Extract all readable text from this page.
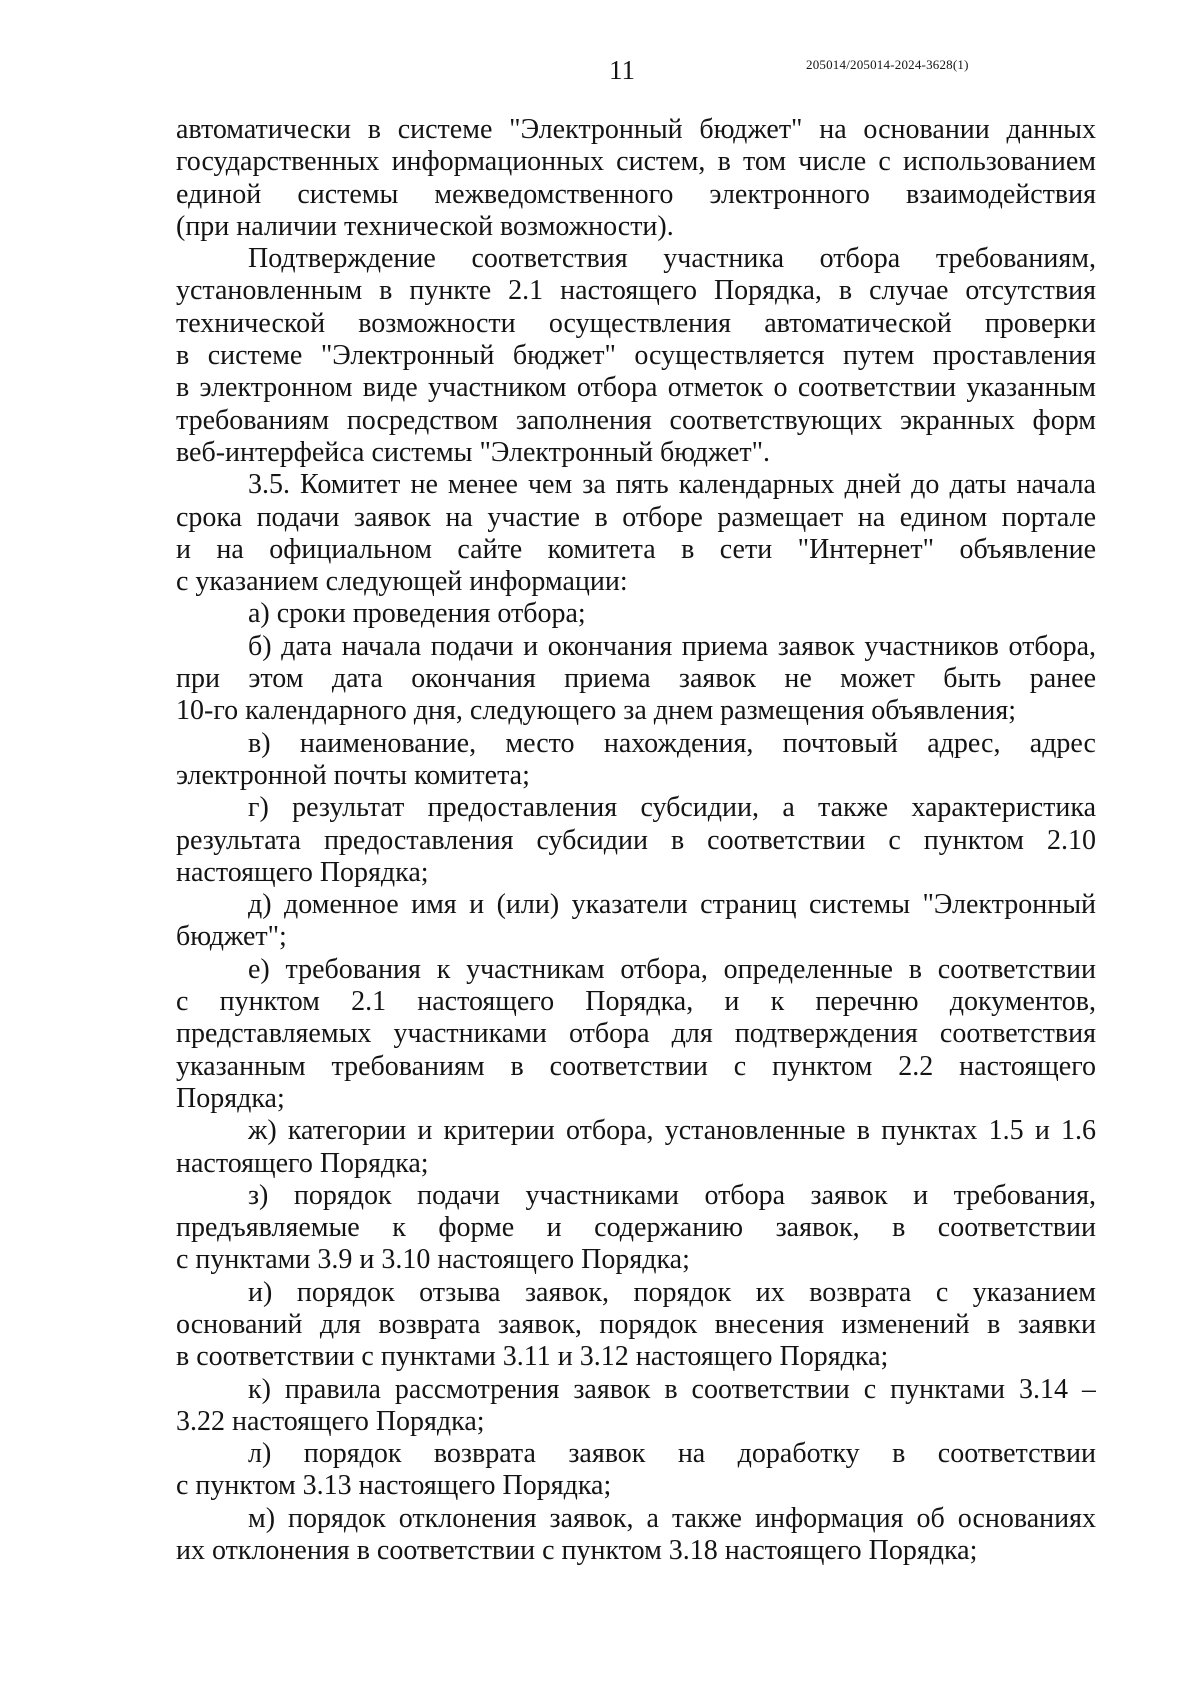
11	205014/205014-2024-3628(1)
автоматически в системе "Электронный бюджет" на основании данных
государственных информационных систем, в том числе с использованием
единой системы межведомственного электронного взаимодействия
(при наличии технической возможности).
Подтверждение соответствия участника отбора требованиям,
установленным в пункте 2.1 настоящего Порядка, в случае отсутствия
технической возможности осуществления автоматической проверки
в системе "Электронный бюджет" осуществляется путем проставления
в электронном виде участником отбора отметок о соответствии указанным
требованиям посредством заполнения соответствующих экранных форм
веб-интерфейса системы "Электронный бюджет".
3.5. Комитет не менее чем за пять календарных дней до даты начала
срока подачи заявок на участие в отборе размещает на едином портале
и на официальном сайте комитета в сети "Интернет" объявление
с указанием следующей информации:
а) сроки проведения отбора;
б) дата начала подачи и окончания приема заявок участников отбора,
при этом дата окончания приема заявок не может быть ранее
10-го календарного дня, следующего за днем размещения объявления;
в) наименование, место нахождения, почтовый адрес, адрес
электронной почты комитета;
г) результат предоставления субсидии, а также характеристика
результата предоставления субсидии в соответствии с пунктом 2.10
настоящего Порядка;
д) доменное имя и (или) указатели страниц системы "Электронный
бюджет";
е) требования к участникам отбора, определенные в соответствии
с пунктом 2.1 настоящего Порядка, и к перечню документов,
представляемых участниками отбора для подтверждения соответствия
указанным требованиям в соответствии с пунктом 2.2 настоящего
Порядка;
ж) категории и критерии отбора, установленные в пунктах 1.5 и 1.6
настоящего Порядка;
з) порядок подачи участниками отбора заявок и требования,
предъявляемые к форме и содержанию заявок, в соответствии
с пунктами 3.9 и 3.10 настоящего Порядка;
и) порядок отзыва заявок, порядок их возврата с указанием
оснований для возврата заявок, порядок внесения изменений в заявки
в соответствии с пунктами 3.11 и 3.12 настоящего Порядка;
к) правила рассмотрения заявок в соответствии с пунктами 3.14 –
3.22 настоящего Порядка;
л) порядок возврата заявок на доработку в соответствии
с пунктом 3.13 настоящего Порядка;
м) порядок отклонения заявок, а также информация об основаниях
их отклонения в соответствии с пунктом 3.18 настоящего Порядка;
